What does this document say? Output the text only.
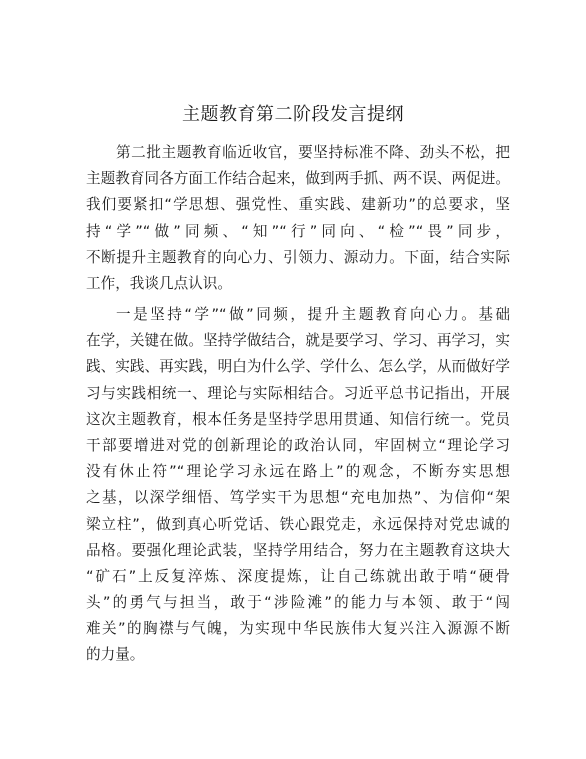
主题教育第二阶段发言提纲
第二批主题教育临近收官，要坚持标准不降、劲头不松，把
主题教育同各方面工作结合起来，做到两手抓、两不误、两促进。
我们要紧扣“学思想、强党性、重实践、建新功”的总要求，坚
持“学”“做”同频、“知”“行”同向、“检”“畏”同步，
不断提升主题教育的向心力、引领力、源动力。下面，结合实际
工作，我谈几点认识。
一是坚持“学”“做”同频，提升主题教育向心力。基础
在学，关键在做。坚持学做结合，就是要学习、学习、再学习，实
践、实践、再实践，明白为什么学、学什么、怎么学，从而做好学
习与实践相统一、理论与实际相结合。习近平总书记指出，开展
这次主题教育，根本任务是坚持学思用贯通、知信行统一。党员
干部要增进对党的创新理论的政治认同，牢固树立“理论学习
没有休止符”“理论学习永远在路上”的观念，不断夯实思想
之基，以深学细悟、笃学实干为思想“充电加热”、为信仰“架
梁立柱”，做到真心听党话、铁心跟党走，永远保持对党忠诚的
品格。要强化理论武装，坚持学用结合，努力在主题教育这块大
“矿石”上反复淬炼、深度提炼，让自己练就出敢于啃“硬骨
头”的勇气与担当，敢于“涉险滩”的能力与本领、敢于“闯
难关”的胸襟与气魄，为实现中华民族伟大复兴注入源源不断
的力量。
